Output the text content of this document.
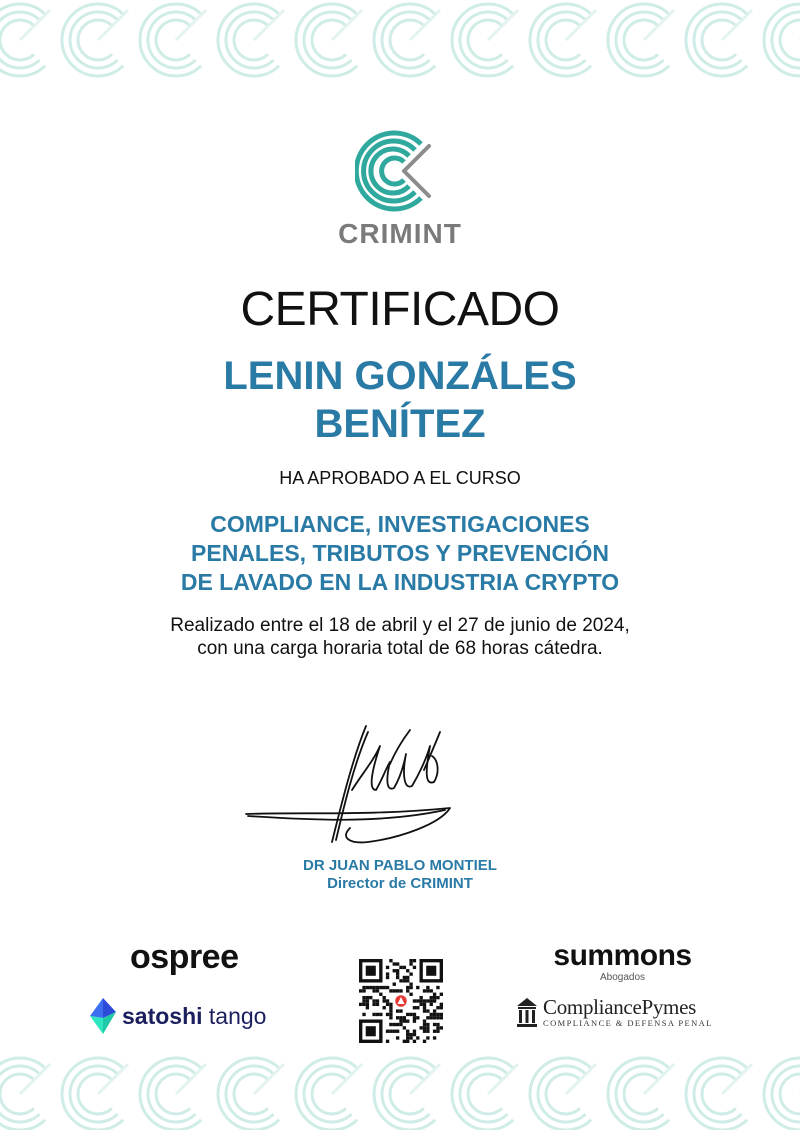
CRIMINT
CERTIFICADO
LENIN GONZÁLES
BENÍTEZ
HA APROBADO A EL CURSO
COMPLIANCE, INVESTIGACIONES
PENALES, TRIBUTOS Y PREVENCIÓN
DE LAVADO EN LA INDUSTRIA CRYPTO
Realizado entre el 18 de abril y el 27 de junio de 2024,
con una carga horaria total de 68 horas cátedra.
DR JUAN PABLO MONTIEL
Director de CRIMINT
ospree
satoshi tango
summons
Abogados
CompliancePymes
COMPLIANCE & DEFENSA PENAL
